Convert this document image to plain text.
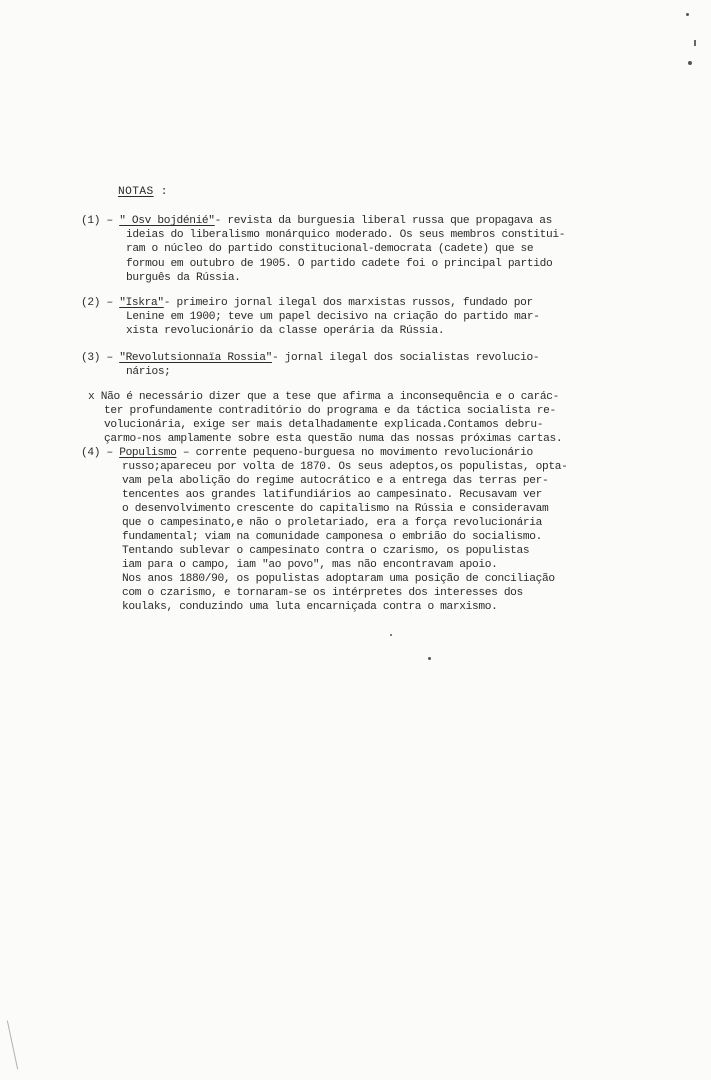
NOTAS :
(1) – " Osv bojdénié"- revista da burguesia liberal russa que propagava as
ideias do liberalismo monárquico moderado. Os seus membros constitui-
ram o núcleo do partido constitucional-democrata (cadete) que se
formou em outubro de 1905. O partido cadete foi o principal partido
burguês da Rússia.
(2) – "Iskra"- primeiro jornal ilegal dos marxistas russos, fundado por
Lenine em 1900; teve um papel decisivo na criação do partido mar-
xista revolucionário da classe operária da Rússia.
(3) – "Revolutsionnaïa Rossia"- jornal ilegal dos socialistas revolucio-
nários;
x Não é necessário dizer que a tese que afirma a inconsequência e o carác-
ter profundamente contraditório do programa e da táctica socialista re-
volucionária, exige ser mais detalhadamente explicada.Contamos debru-
çarmo-nos amplamente sobre esta questão numa das nossas próximas cartas.
(4) – Populismo – corrente pequeno-burguesa no movimento revolucionário
russo;apareceu por volta de 1870. Os seus adeptos,os populistas, opta-
vam pela abolição do regime autocrático e a entrega das terras per-
tencentes aos grandes latifundiários ao campesinato. Recusavam ver
o desenvolvimento crescente do capitalismo na Rússia e consideravam
que o campesinato,e não o proletariado, era a força revolucionária
fundamental; viam na comunidade camponesa o embrião do socialismo.
Tentando sublevar o campesinato contra o czarismo, os populistas
iam para o campo, iam "ao povo", mas não encontravam apoio.
Nos anos 1880/90, os populistas adoptaram uma posição de conciliação
com o czarismo, e tornaram-se os intérpretes dos interesses dos
koulaks, conduzindo uma luta encarniçada contra o marxismo.
